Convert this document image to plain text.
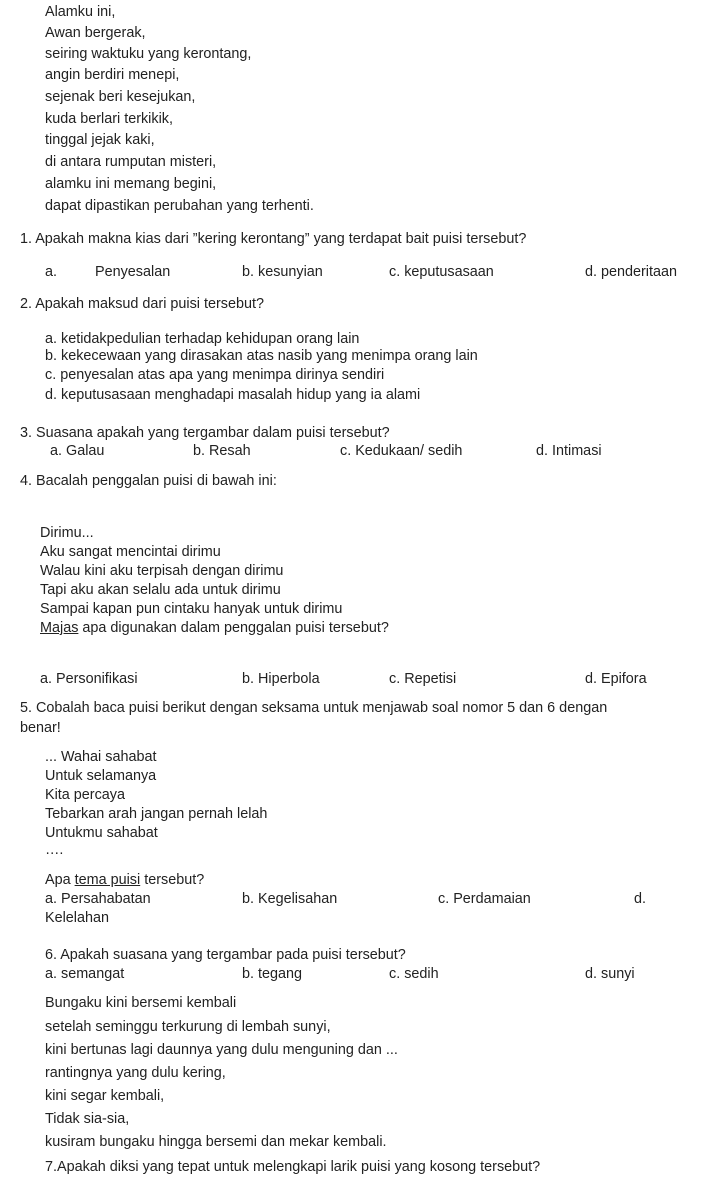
Alamku ini,
Awan bergerak,
seiring waktuku yang kerontang,
angin berdiri menepi,
sejenak beri kesejukan,
kuda berlari terkikik,
tinggal jejak kaki,
di antara rumputan misteri,
alamku ini memang begini,
dapat dipastikan perubahan yang terhenti.
1. Apakah makna kias dari ”kering kerontang” yang terdapat bait puisi tersebut?
a.	Penyesalan	b. kesunyian	c. keputusasaan	d. penderitaan
2. Apakah maksud dari puisi tersebut?
a. ketidakpedulian terhadap kehidupan orang lain
b. kekecewaan yang dirasakan atas nasib yang menimpa orang lain
c. penyesalan atas apa yang menimpa dirinya sendiri
d. keputusasaan menghadapi masalah hidup yang ia alami
3. Suasana apakah yang tergambar dalam puisi tersebut?
a. Galau	b. Resah	c. Kedukaan/ sedih	d. Intimasi
4. Bacalah penggalan puisi di bawah ini:
Dirimu...
Aku sangat mencintai dirimu
Walau kini aku terpisah dengan dirimu
Tapi aku akan selalu ada untuk dirimu
Sampai kapan pun cintaku hanyak untuk dirimu
Majas apa digunakan dalam penggalan puisi tersebut?
a. Personifikasi	b. Hiperbola	c. Repetisi	d. Epifora
5. Cobalah baca puisi berikut dengan seksama untuk menjawab soal nomor 5 dan 6 dengan
benar!
... Wahai sahabat
Untuk selamanya
Kita percaya
Tebarkan arah jangan pernah lelah
Untukmu sahabat
….
Apa tema puisi tersebut?
a. Persahabatan	b. Kegelisahan	c. Perdamaian	d.
Kelelahan
6. Apakah suasana yang tergambar pada puisi tersebut?
a. semangat	b. tegang	c. sedih	d. sunyi
Bungaku kini bersemi kembali
setelah seminggu terkurung di lembah sunyi,
kini bertunas lagi daunnya yang dulu menguning dan ...
rantingnya yang dulu kering,
kini segar kembali,
Tidak sia-sia,
kusiram bungaku hingga bersemi dan mekar kembali.
7.Apakah diksi yang tepat untuk melengkapi larik puisi yang kosong tersebut?
